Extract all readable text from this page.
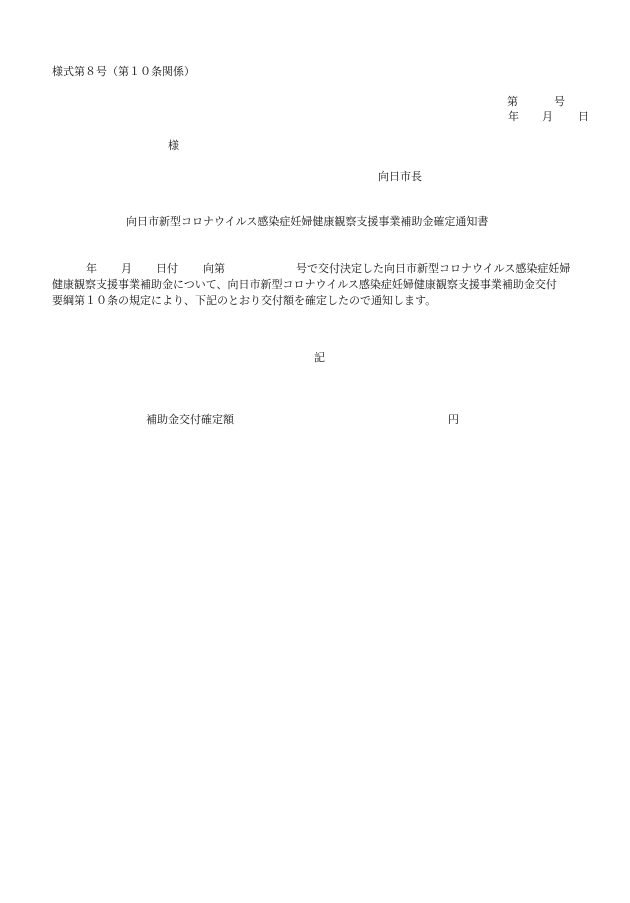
様式第８号（第１０条関係）
第	号
年 月 日
様
向日市長
向日市新型コロナウイルス感染症妊婦健康観察支援事業補助金確定通知書
年 月 日付 向第	号で交付決定した向日市新型コロナウイルス感染症妊婦
健康観察支援事業補助金について、向日市新型コロナウイルス感染症妊婦健康観察支援事業補助金交付
要綱第１０条の規定により、下記のとおり交付額を確定したので通知します。
記
補助金交付確定額	円
